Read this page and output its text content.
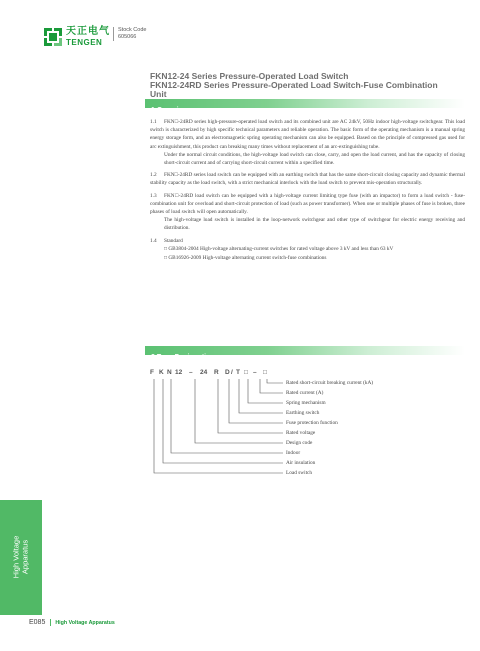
天正电气
TENGEN
Stock Code
605066
FKN12-24 Series Pressure-Operated Load Switch
FKN12-24RD Series Pressure-Operated Load Switch-Fuse Combination
Unit
1 Overview
1.1 FKN□-24RD series high-pressure-operated load switch and its combined unit are AC 24kV, 50Hz indoor high-voltage switchgear. This load switch is characterized by high specific technical parameters and reliable operation. The basic form of the operating mechanism is a manual spring energy storage form, and an electromagnetic spring operating mechanism can also be equipped. Based on the principle of compressed gas used for arc extinguishment, this product can breaking many times without replacement of an arc-extinguishing tube.
Under the normal circuit conditions, the high-voltage load switch can close, carry, and open the load current, and has the capacity of closing short-circuit current and of carrying short-circuit current within a specified time.
1.2 FKN□-24RD series load switch can be equipped with an earthing switch that has the same short-circuit closing capacity and dynamic thermal stability capacity as the load switch, with a strict mechanical interlock with the load switch to prevent mis-operation structurally.
1.3 FKN□-24RD load switch can be equipped with a high-voltage current limiting type fuse (with an impactor) to form a load switch - fuse-combination unit for overload and short-circuit protection of load (such as power transformer). When one or multiple phases of fuse is broken, three phases of load switch will open automatically.
The high-voltage load switch is installed in the loop-network switchgear and other type of switchgear for electric energy receiving and distribution.
1.4 Standard
□ GB3804-2004 High-voltage alternating-current switches for rated voltage above 3 kV and less than 63 kV
□ GB16926-2009 High-voltage alternating current switch-fuse combinations
2 Type Designation
F K N 12 – 24 R D / T □ – □
Rated short-circuit breaking current (kA)
Rated current (A)
Spring mechanism
Earthing switch
Fuse protection function
Rated voltage
Design code
Indoor
Air insulation
Load switch
High Voltage Apparatus
E085	High Voltage Apparatus
